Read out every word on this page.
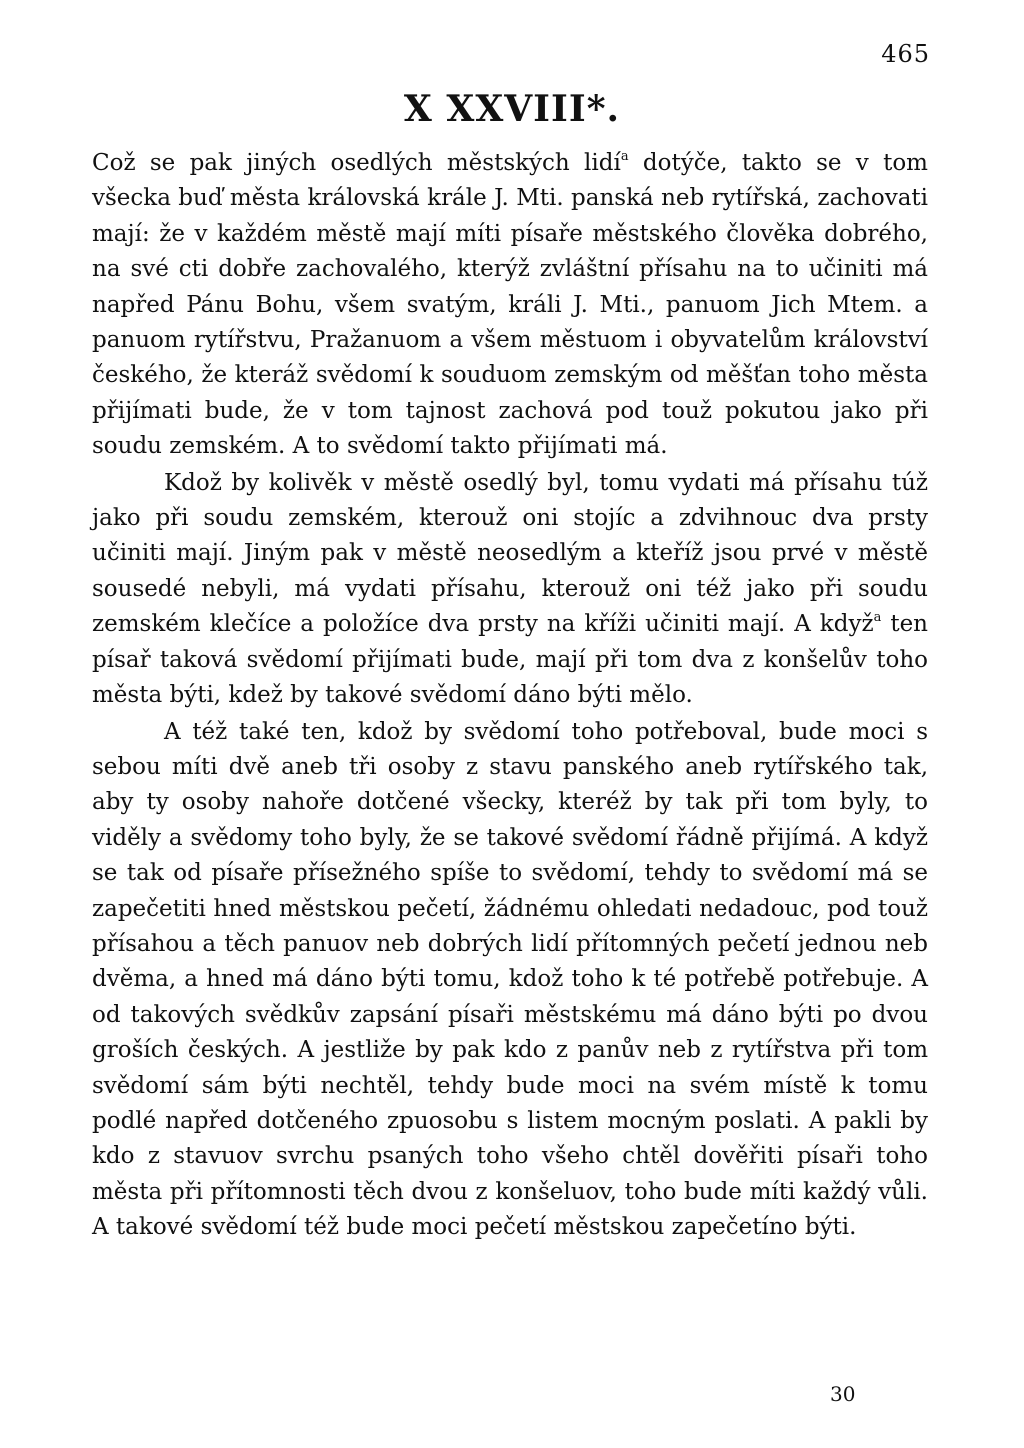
465
X XXVIII*.

Což se pak jiných osedlých městských lidí$^a$ dotýče, takto se v tom všecka buď města královská krále J. Mti. panská neb rytířská, zachovati mají: že v každém městě mají míti písaře městského člověka dobrého, na své cti dobře zachovalého, kterýž zvláštní přísahu na to učiniti má napřed Pánu Bohu, všem svatým, králi J. Mti., panuom Jich Mtem. a panuom rytířstvu, Pražanuom a všem městuom i obyvatelům království českého, že kteráž svědomí k souduom zemským od měšťan toho města přijímati bude, že v tom tajnost zachová pod touž pokutou jako při soudu zemském. A to svědomí takto přijímati má.

Kdož by kolivěk v městě osedlý byl, tomu vydati má přísahu túž jako při soudu zemském, kterouž oni stojíc a zdvihnouc dva prsty učiniti mají. Jiným pak v městě neosedlým a kteříž jsou prvé v městě sousedé nebyli, má vydati přísahu, kterouž oni též jako při soudu zemském klečíce a položíce dva prsty na kříži učiniti mají. A když$^a$ ten písař taková svědomí přijímati bude, mají při tom dva z konšelův toho města býti, kdež by takové svědomí dáno býti mělo.

A též také ten, kdož by svědomí toho potřeboval, bude moci s sebou míti dvě aneb tři osoby z stavu panského aneb rytířského tak, aby ty osoby nahoře dotčené všecky, kteréž by tak při tom byly, to viděly a svědomy toho byly, že se takové svědomí řádně přijímá. A když se tak od písaře přísežného spíše to svědomí, tehdy to svědomí má se zapečetiti hned městskou pečetí, žádnému ohledati nedadouc, pod touž přísahou a těch panuov neb dobrých lidí přítomných pečetí jednou neb dvěma, a hned má dáno býti tomu, kdož toho k té potřebě potřebuje. A od takových svědkův zapsání písaři městskému má dáno býti po dvou groších českých. A jestliže by pak kdo z panův neb z rytířstva při tom svědomí sám býti nechtěl, tehdy bude moci na svém místě k tomu podlé napřed dotčeného zpuosobu s listem mocným poslati. A pakli by kdo z stavuov svrchu psaných toho všeho chtěl dověřiti písaři toho města při přítomnosti těch dvou z konšeluov, toho bude míti každý vůli. A takové svědomí též bude moci pečetí městskou zapečetíno býti.

30
